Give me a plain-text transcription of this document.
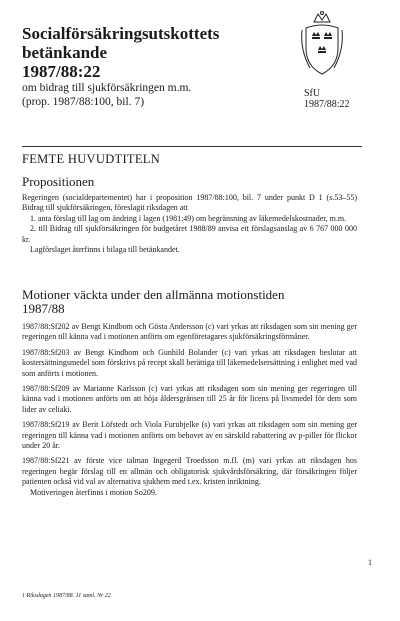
Socialförsäkringsutskottets
betänkande
1987/88:22
om bidrag till sjukförsäkringen m.m.
(prop. 1987/88:100, bil. 7)
SfU
1987/88:22
FEMTE HUVUDTITELN
Propositionen
Regeringen (socialdepartementet) har i proposition 1987/88:100, bil. 7 under punkt D 1 (s.53–55) Bidrag till sjukförsäkringen, föreslagit riksdagen att
1. anta förslag till lag om ändring i lagen (1981:49) om begränsning av läkemedelskostnader, m.m.
2. till Bidrag till sjukförsäkringen för budgetåret 1988/89 anvisa ett förslagsanslag av 6 767 000 000 kr.
Lagförslaget återfinns i bilaga till betänkandet.
Motioner väckta under den allmänna motionstiden
1987/88
1987/88:Sf202 av Bengt Kindbom och Gösta Andersson (c) vari yrkas att riksdagen som sin mening ger regeringen till känna vad i motionen anförts om egenföretagares sjukförsäkringsförmåner.
1987/88:Sf203 av Bengt Kindbom och Gunhild Bolander (c) vari yrkas att riksdagen beslutar att kostersättningsmedel som förskrivs på recept skall berättiga till läkemedelsersättning i enlighet med vad som anförts i motionen.
1987/88:Sf209 av Marianne Karlsson (c) vari yrkas att riksdagen som sin mening ger regeringen till känna vad i motionen anförts om att höja åldersgränsen till 25 år för licens på livsmedel för dem som lider av celiaki.
1987/88:Sf219 av Berit Löfstedt och Viola Furubjelke (s) vari yrkas att riksdagen som sin mening ger regeringen till känna vad i motionen anförts om behovet av en särskild rabattering av p-piller för flickor under 20 år.
1987/88:Sf221 av förste vice talman Ingegerd Troedsson m.fl. (m) vari yrkas att riksdagen hos regeringen begär förslag till en allmän och obligatorisk sjukvårdsförsäkring, där försäkringen följer patienten också vid val av alternativa sjukhem med t.ex. kristen inriktning.
Motiveringen återfinns i motion So209.
1
1 Riksdagen 1987/88. 11 saml. Nr 22
